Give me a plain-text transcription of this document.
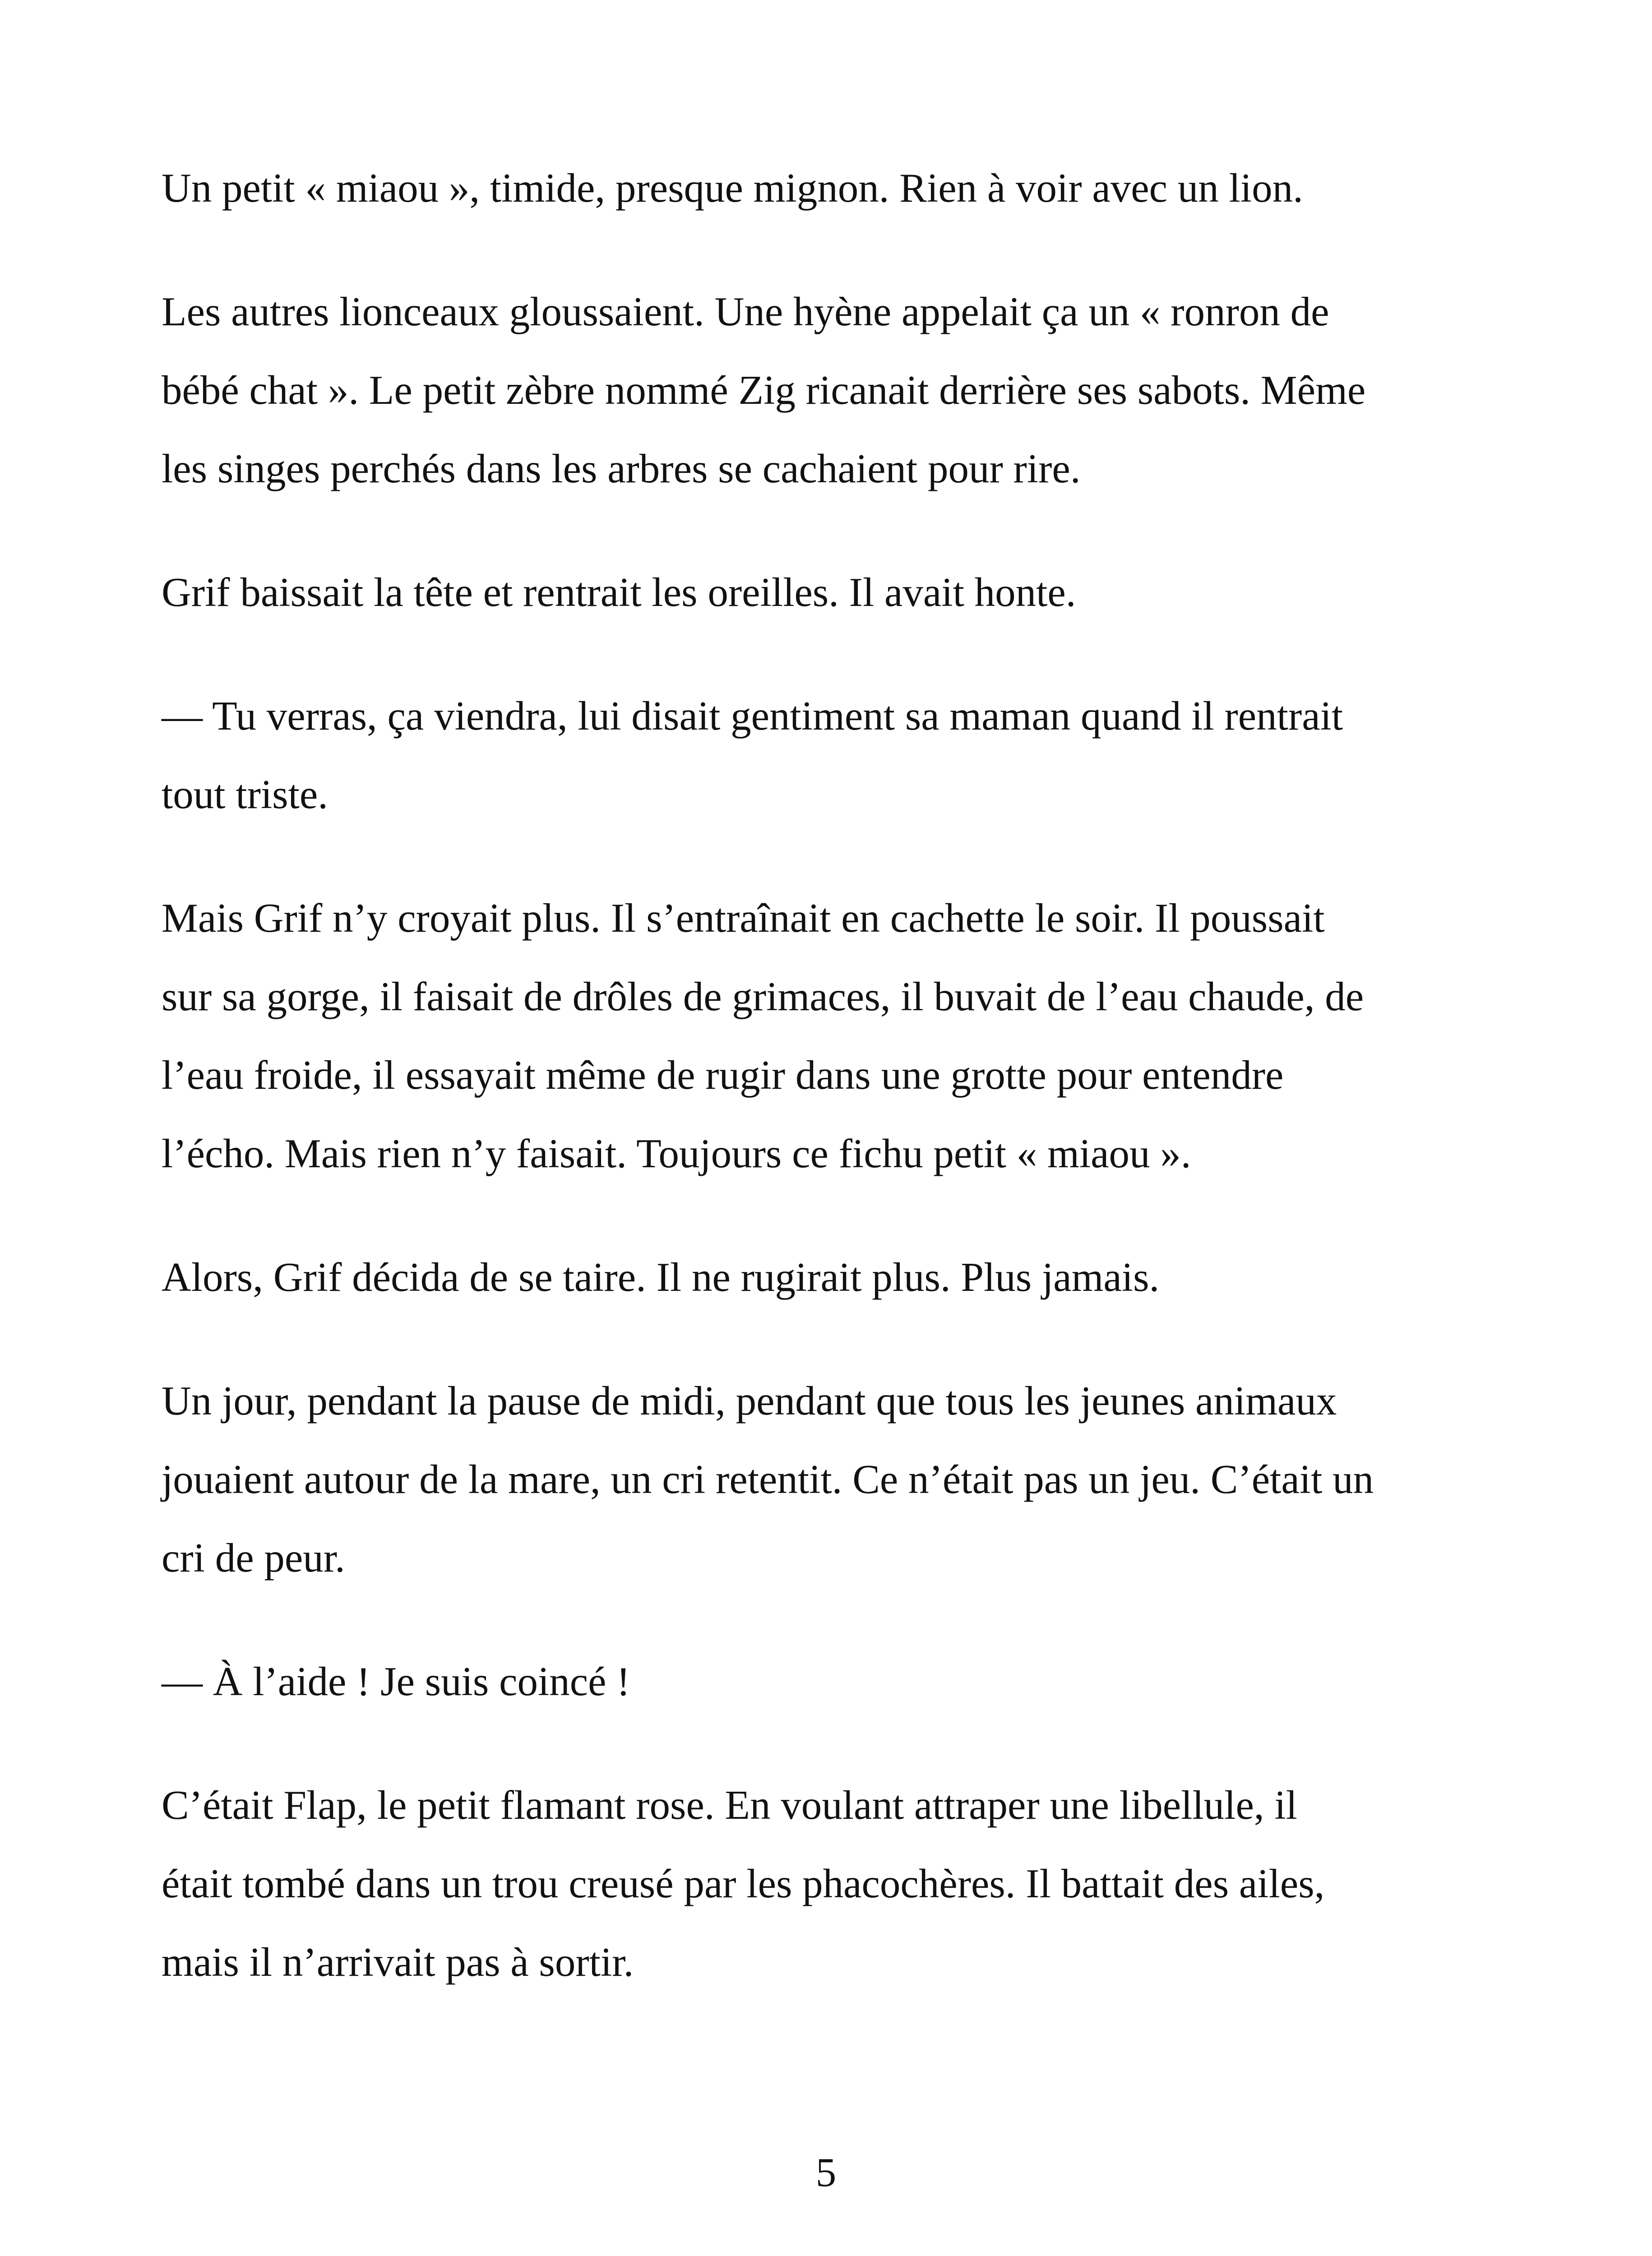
Un petit « miaou », timide, presque mignon. Rien à voir avec un lion.

Les autres lionceaux gloussaient. Une hyène appelait ça un « ronron de
bébé chat ». Le petit zèbre nommé Zig ricanait derrière ses sabots. Même
les singes perchés dans les arbres se cachaient pour rire.

Grif baissait la tête et rentrait les oreilles. Il avait honte.

— Tu verras, ça viendra, lui disait gentiment sa maman quand il rentrait
tout triste.

Mais Grif n’y croyait plus. Il s’entraînait en cachette le soir. Il poussait
sur sa gorge, il faisait de drôles de grimaces, il buvait de l’eau chaude, de
l’eau froide, il essayait même de rugir dans une grotte pour entendre
l’écho. Mais rien n’y faisait. Toujours ce fichu petit « miaou ».

Alors, Grif décida de se taire. Il ne rugirait plus. Plus jamais.

Un jour, pendant la pause de midi, pendant que tous les jeunes animaux
jouaient autour de la mare, un cri retentit. Ce n’était pas un jeu. C’était un
cri de peur.

— À l’aide ! Je suis coincé !

C’était Flap, le petit flamant rose. En voulant attraper une libellule, il
était tombé dans un trou creusé par les phacochères. Il battait des ailes,
mais il n’arrivait pas à sortir.

5
